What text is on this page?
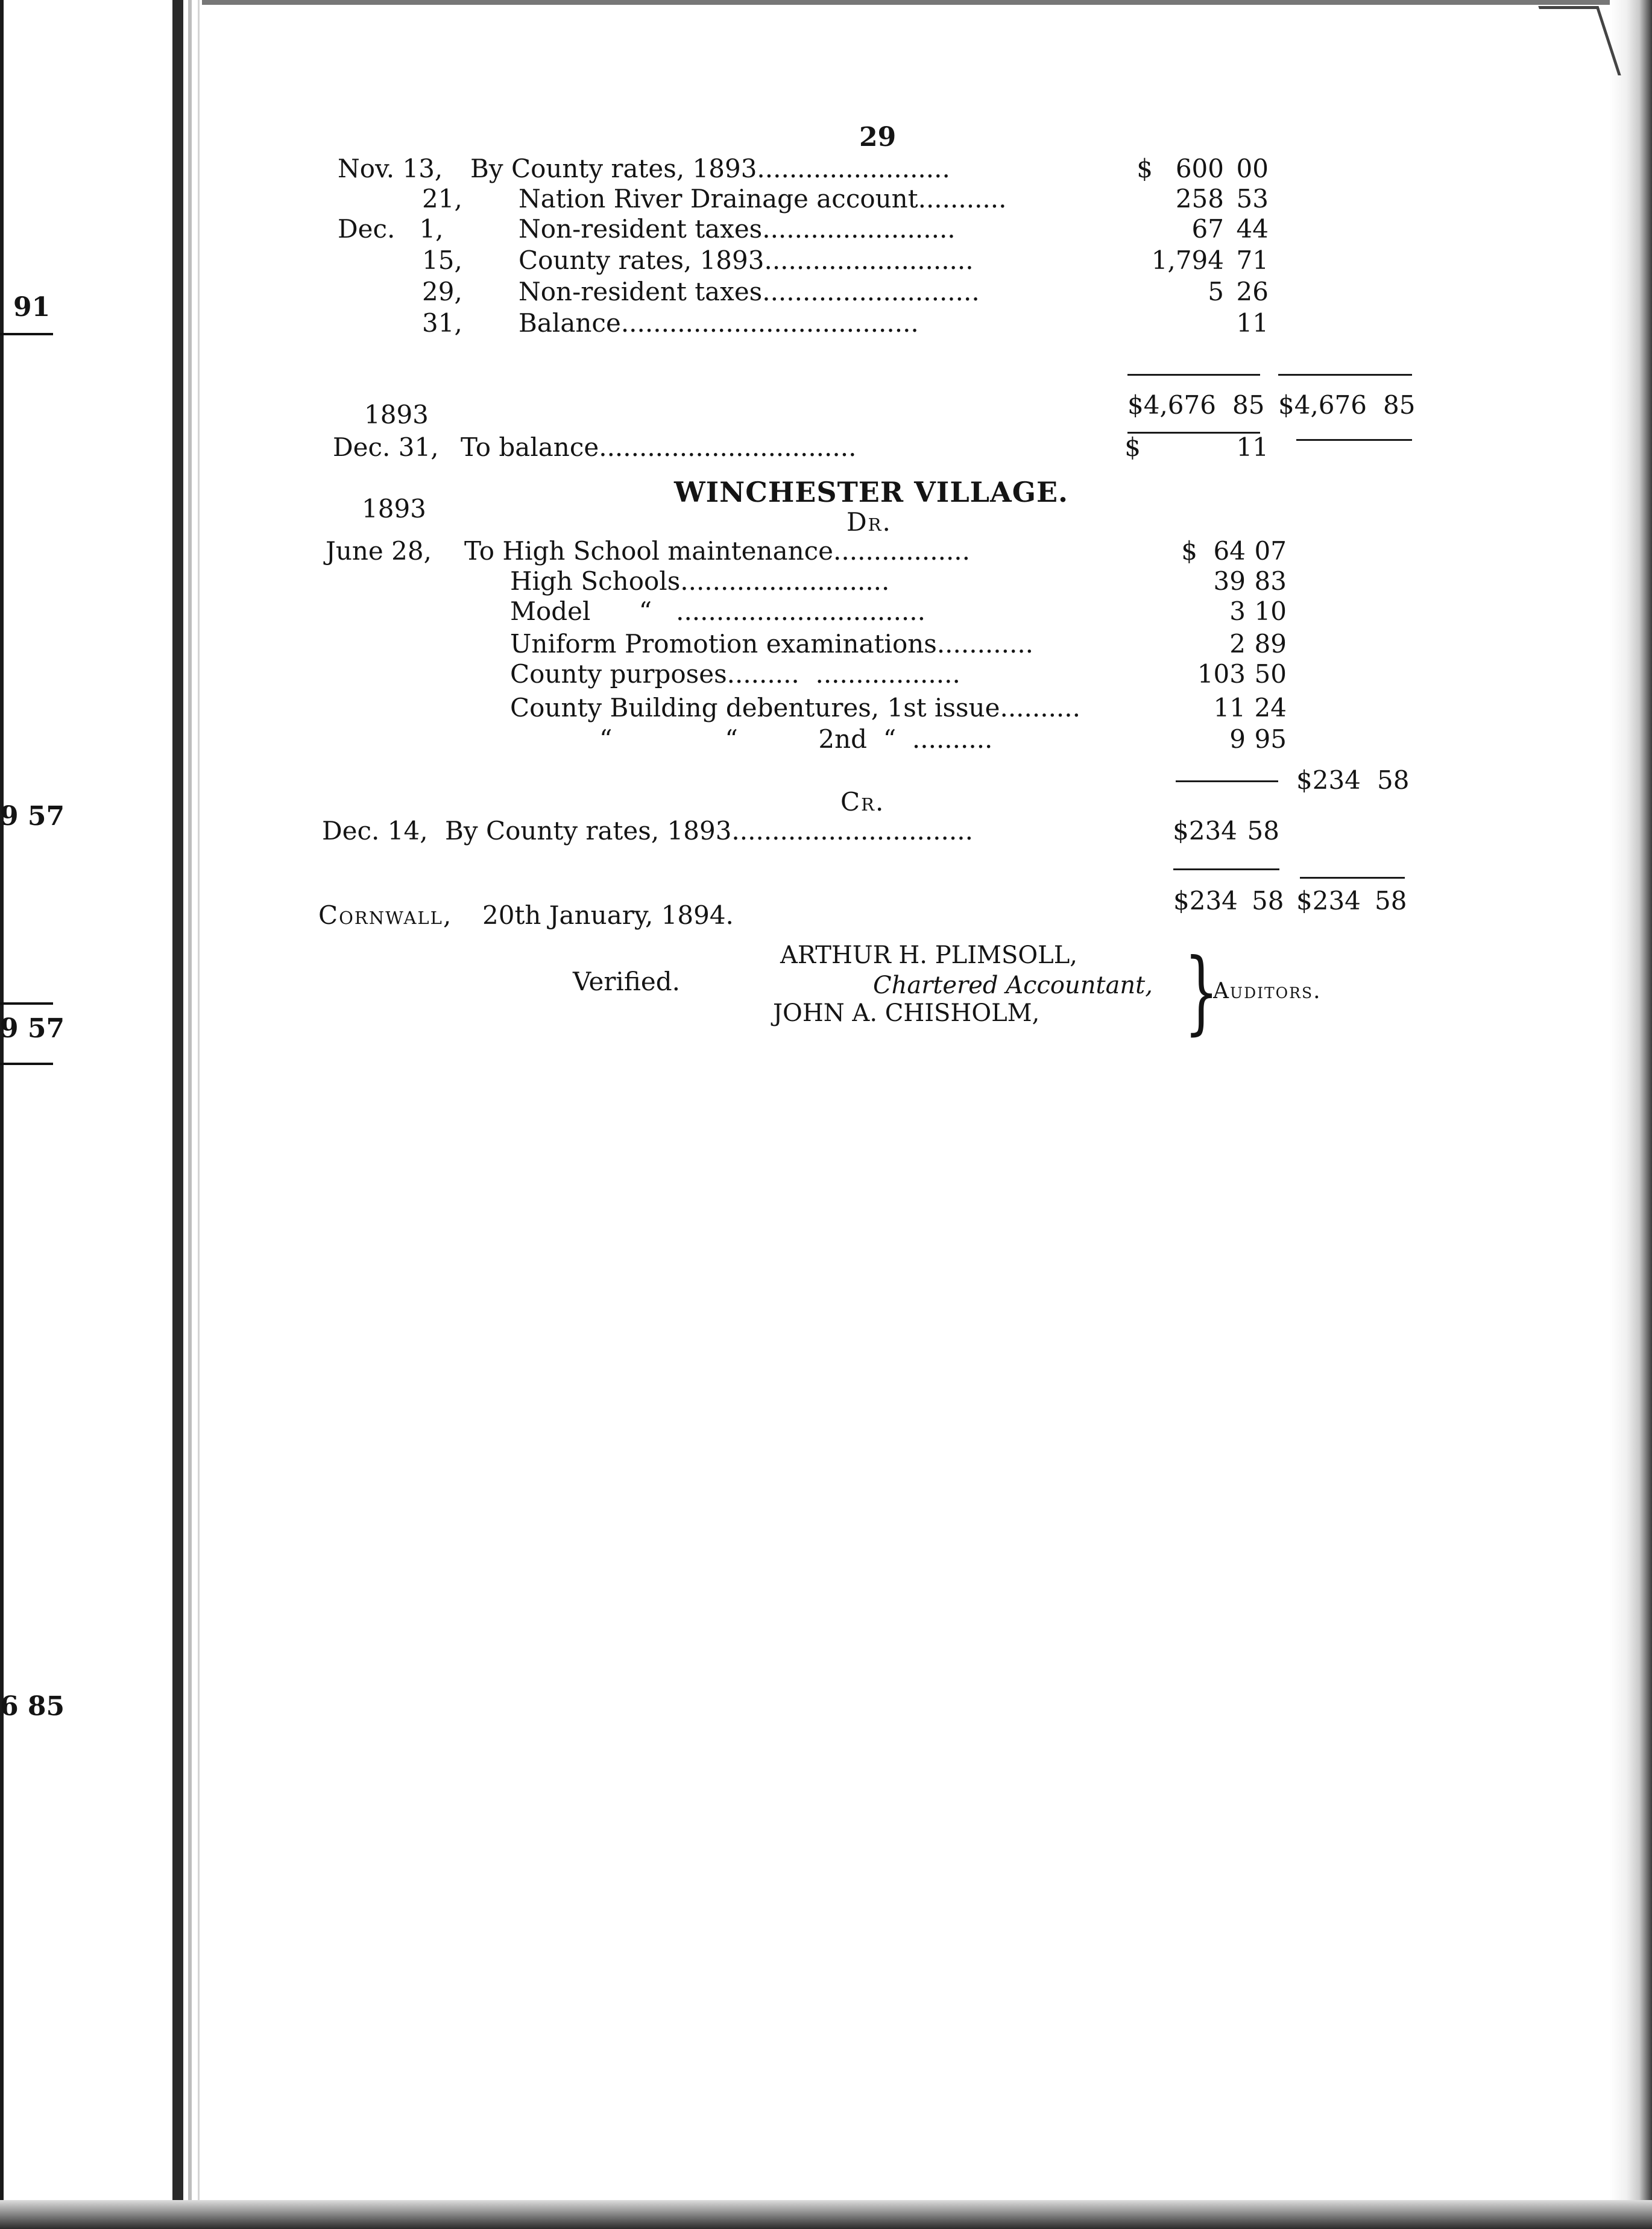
91
9 57
9 57
6 85
29
Nov. 13, By County rates, 1893........................	$ 600 00
21, Nation River Drainage account...........	258 53
Dec.   1,	Non-resident taxes........................	67 44
15, County rates, 1893..........................	1,794 71
29, Non-resident taxes...........................	5 26
31, Balance.....................................	11
1893	$4,676 85 $4,676 85
Dec. 31, To balance................................	$	11
WINCHESTER VILLAGE.
Dr.
1893
June 28, To High School maintenance.................	$ 64 07
High Schools..........................	39 83
Model      “   ...............................	3 10
Uniform Promotion examinations............	2 89
County purposes.........  ..................	103 50
County Building debentures, 1st issue..........	11 24
“              “          2nd  “  ..........	9 95
$234 58
Cr.
Dec. 14, By County rates, 1893..............................	$234 58
$234 58 $234 58
Cornwall, 20th January, 1894.
ARTHUR H. PLIMSOLL,
Verified.	Chartered Accountant,
JOHN A. CHISHOLM, }
Auditors.
